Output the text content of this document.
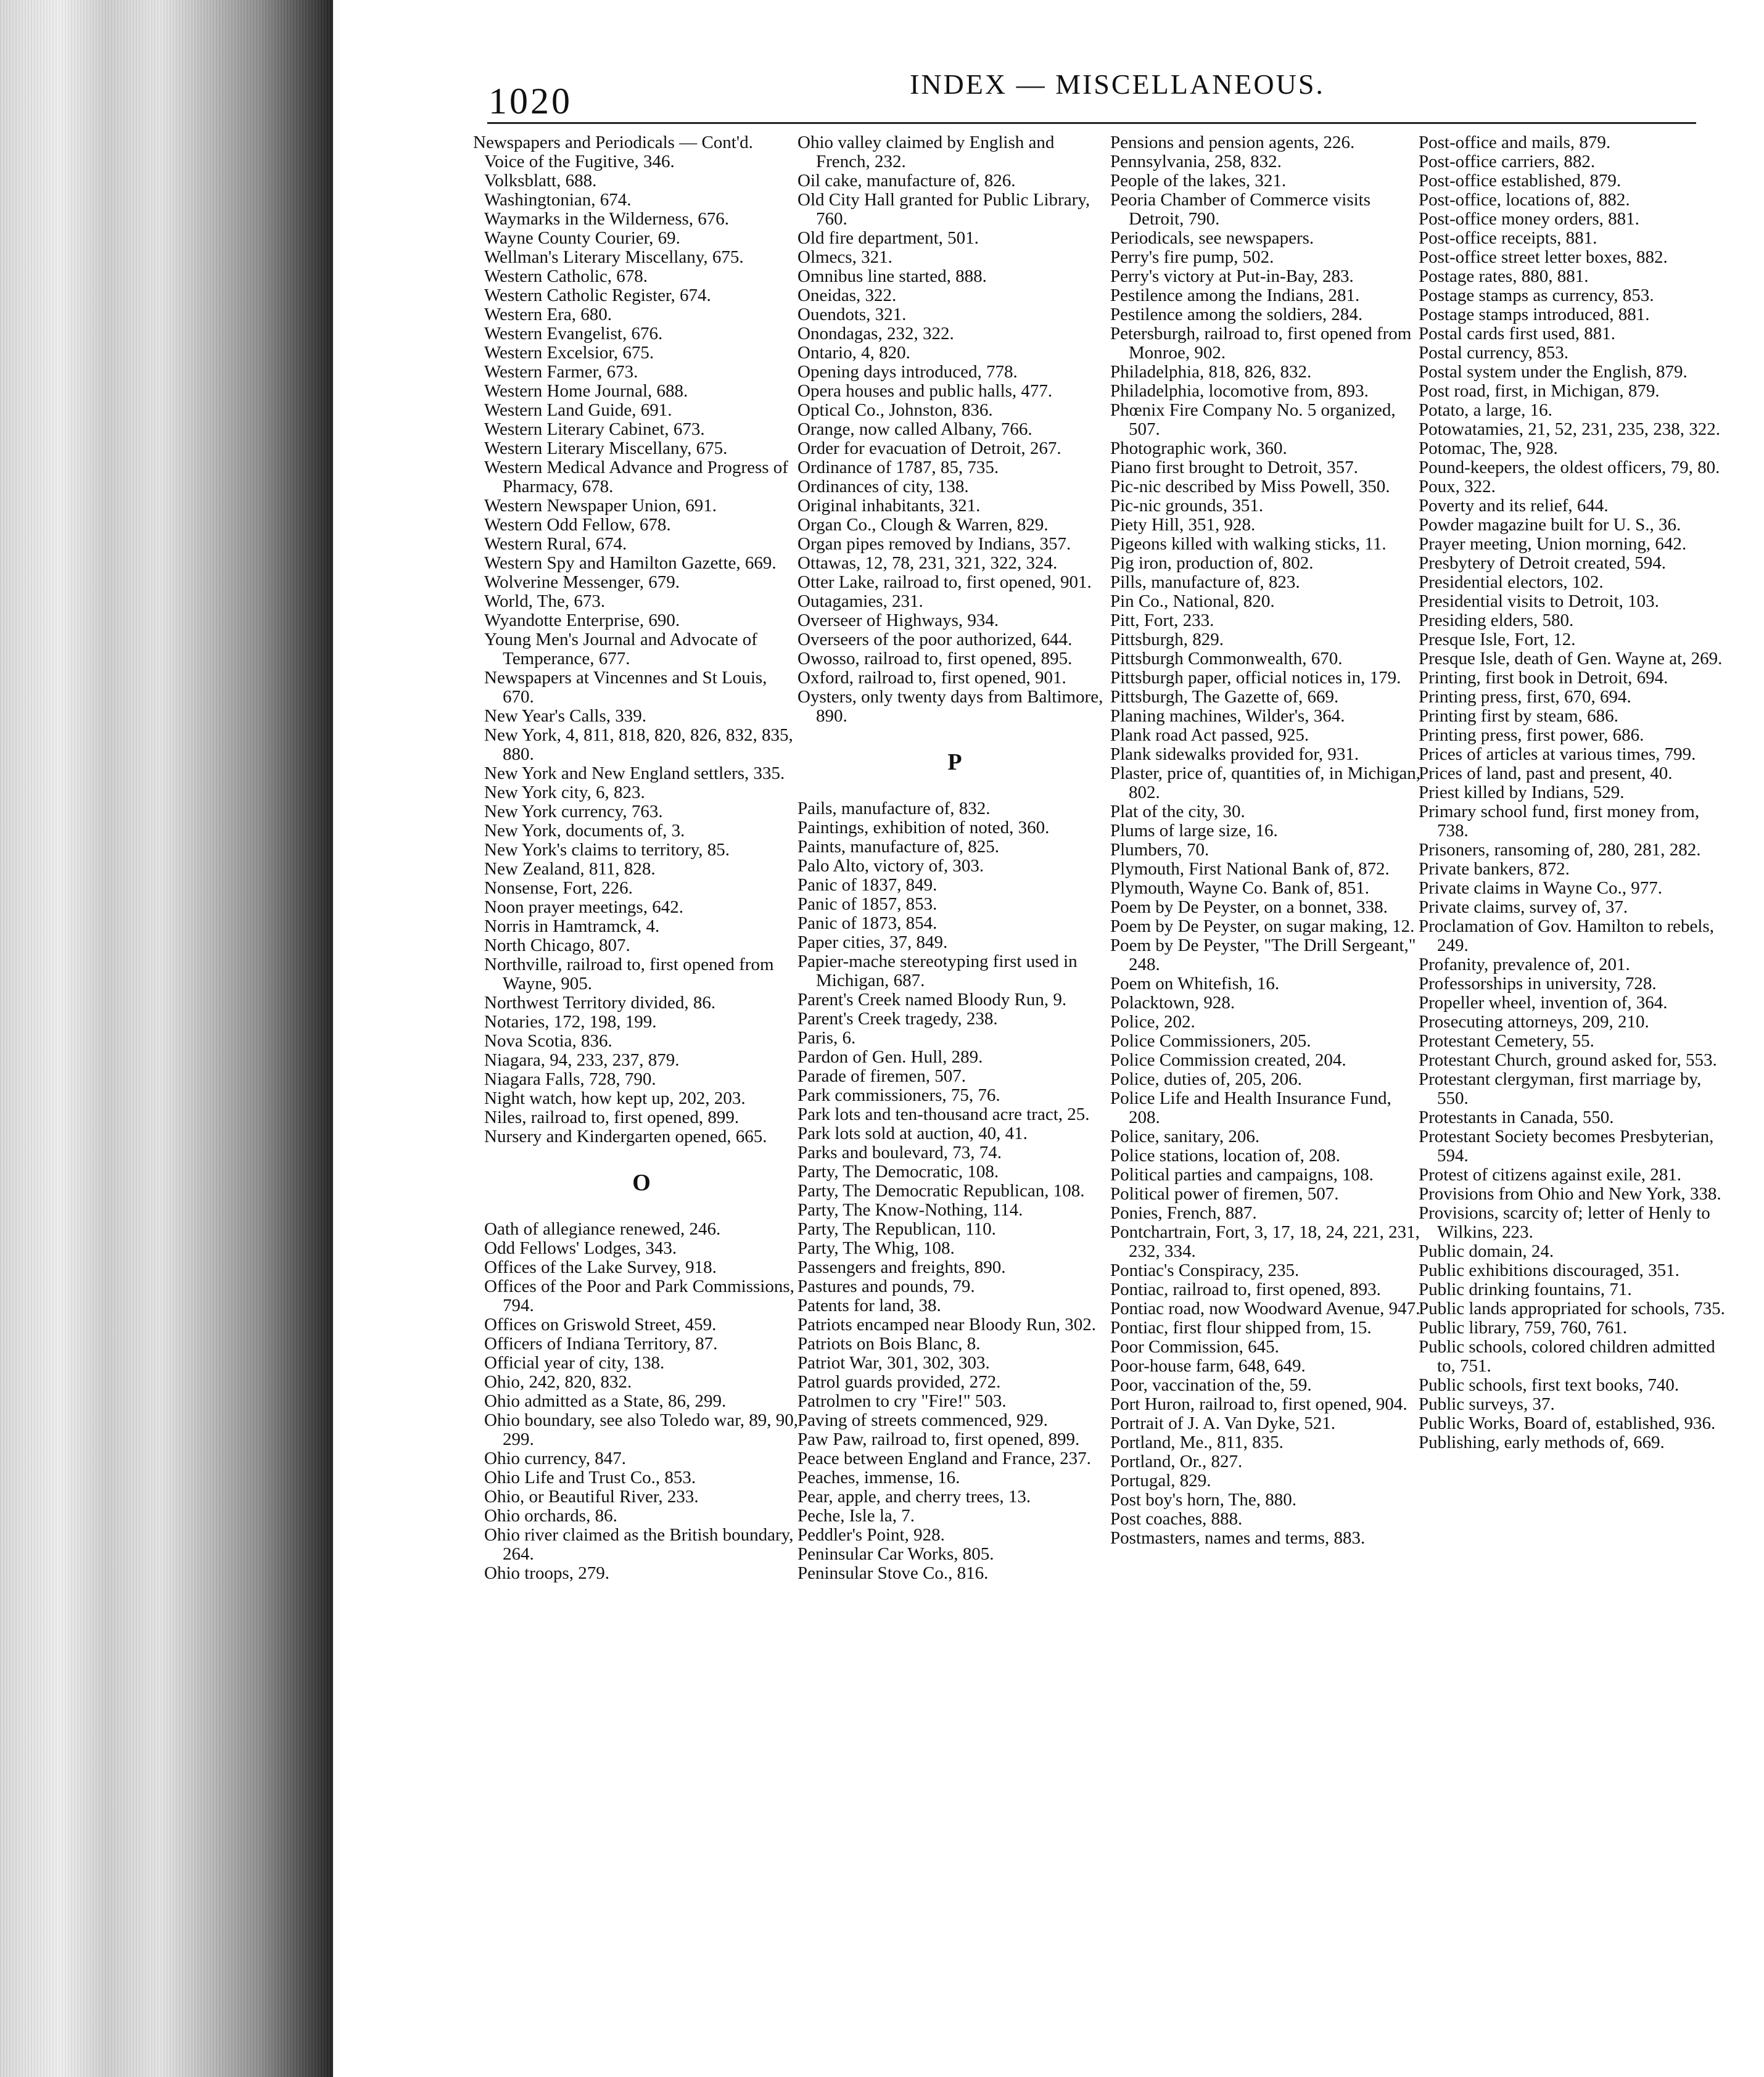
1020	INDEX — MISCELLANEOUS.

Newspapers and Periodicals — Cont'd.

Voice of the Fugitive, 346.

Volksblatt, 688.

Washingtonian, 674.

Waymarks in the Wilderness, 676.

Wayne County Courier, 69.

Wellman's Literary Miscellany, 675.

Western Catholic, 678.

Western Catholic Register, 674.

Western Era, 680.

Western Evangelist, 676.

Western Excelsior, 675.

Western Farmer, 673.

Western Home Journal, 688.

Western Land Guide, 691.

Western Literary Cabinet, 673.

Western Literary Miscellany, 675.

Western Medical Advance and Progress of Pharmacy, 678.

Western Newspaper Union, 691.

Western Odd Fellow, 678.

Western Rural, 674.

Western Spy and Hamilton Gazette, 669.

Wolverine Messenger, 679.

World, The, 673.

Wyandotte Enterprise, 690.

Young Men's Journal and Advocate of Temperance, 677.

Newspapers at Vincennes and St Louis, 670.

New Year's Calls, 339.

New York, 4, 811, 818, 820, 826, 832, 835, 880.

New York and New England settlers, 335.

New York city, 6, 823.

New York currency, 763.

New York, documents of, 3.

New York's claims to territory, 85.

New Zealand, 811, 828.

Nonsense, Fort, 226.

Noon prayer meetings, 642.

Norris in Hamtramck, 4.

North Chicago, 807.

Northville, railroad to, first opened from Wayne, 905.

Northwest Territory divided, 86.

Notaries, 172, 198, 199.

Nova Scotia, 836.

Niagara, 94, 233, 237, 879.

Niagara Falls, 728, 790.

Night watch, how kept up, 202, 203.

Niles, railroad to, first opened, 899.

Nursery and Kindergarten opened, 665.

O

Oath of allegiance renewed, 246.

Odd Fellows' Lodges, 343.

Offices of the Lake Survey, 918.

Offices of the Poor and Park Commissions, 794.

Offices on Griswold Street, 459.

Officers of Indiana Territory, 87.

Official year of city, 138.

Ohio, 242, 820, 832.

Ohio admitted as a State, 86, 299.

Ohio boundary, see also Toledo war, 89, 90, 299.

Ohio currency, 847.

Ohio Life and Trust Co., 853.

Ohio, or Beautiful River, 233.

Ohio orchards, 86.

Ohio river claimed as the British boundary, 264.

Ohio troops, 279.

Ohio valley claimed by English and French, 232.

Oil cake, manufacture of, 826.

Old City Hall granted for Public Library, 760.

Old fire department, 501.

Olmecs, 321.

Omnibus line started, 888.

Oneidas, 322.

Ouendots, 321.

Onondagas, 232, 322.

Ontario, 4, 820.

Opening days introduced, 778.

Opera houses and public halls, 477.

Optical Co., Johnston, 836.

Orange, now called Albany, 766.

Order for evacuation of Detroit, 267.

Ordinance of 1787, 85, 735.

Ordinances of city, 138.

Original inhabitants, 321.

Organ Co., Clough & Warren, 829.

Organ pipes removed by Indians, 357.

Ottawas, 12, 78, 231, 321, 322, 324.

Otter Lake, railroad to, first opened, 901.

Outagamies, 231.

Overseer of Highways, 934.

Overseers of the poor authorized, 644.

Owosso, railroad to, first opened, 895.

Oxford, railroad to, first opened, 901.

Oysters, only twenty days from Baltimore, 890.

P

Pails, manufacture of, 832.

Paintings, exhibition of noted, 360.

Paints, manufacture of, 825.

Palo Alto, victory of, 303.

Panic of 1837, 849.

Panic of 1857, 853.

Panic of 1873, 854.

Paper cities, 37, 849.

Papier-mache stereotyping first used in Michigan, 687.

Parent's Creek named Bloody Run, 9.

Parent's Creek tragedy, 238.

Paris, 6.

Pardon of Gen. Hull, 289.

Parade of firemen, 507.

Park commissioners, 75, 76.

Park lots and ten-thousand acre tract, 25.

Park lots sold at auction, 40, 41.

Parks and boulevard, 73, 74.

Party, The Democratic, 108.

Party, The Democratic Republican, 108.

Party, The Know-Nothing, 114.

Party, The Republican, 110.

Party, The Whig, 108.

Passengers and freights, 890.

Pastures and pounds, 79.

Patents for land, 38.

Patriots encamped near Bloody Run, 302.

Patriots on Bois Blanc, 8.

Patriot War, 301, 302, 303.

Patrol guards provided, 272.

Patrolmen to cry "Fire!" 503.

Paving of streets commenced, 929.

Paw Paw, railroad to, first opened, 899.

Peace between England and France, 237.

Peaches, immense, 16.

Pear, apple, and cherry trees, 13.

Peche, Isle la, 7.

Peddler's Point, 928.

Peninsular Car Works, 805.

Peninsular Stove Co., 816.

Pensions and pension agents, 226.

Pennsylvania, 258, 832.

People of the lakes, 321.

Peoria Chamber of Commerce visits Detroit, 790.

Periodicals, see newspapers.

Perry's fire pump, 502.

Perry's victory at Put-in-Bay, 283.

Pestilence among the Indians, 281.

Pestilence among the soldiers, 284.

Petersburgh, railroad to, first opened from Monroe, 902.

Philadelphia, 818, 826, 832.

Philadelphia, locomotive from, 893.

Phœnix Fire Company No. 5 organized, 507.

Photographic work, 360.

Piano first brought to Detroit, 357.

Pic-nic described by Miss Powell, 350.

Pic-nic grounds, 351.

Piety Hill, 351, 928.

Pigeons killed with walking sticks, 11.

Pig iron, production of, 802.

Pills, manufacture of, 823.

Pin Co., National, 820.

Pitt, Fort, 233.

Pittsburgh, 829.

Pittsburgh Commonwealth, 670.

Pittsburgh paper, official notices in, 179.

Pittsburgh, The Gazette of, 669.

Planing machines, Wilder's, 364.

Plank road Act passed, 925.

Plank sidewalks provided for, 931.

Plaster, price of, quantities of, in Michigan, 802.

Plat of the city, 30.

Plums of large size, 16.

Plumbers, 70.

Plymouth, First National Bank of, 872.

Plymouth, Wayne Co. Bank of, 851.

Poem by De Peyster, on a bonnet, 338.

Poem by De Peyster, on sugar making, 12.

Poem by De Peyster, "The Drill Sergeant," 248.

Poem on Whitefish, 16.

Polacktown, 928.

Police, 202.

Police Commissioners, 205.

Police Commission created, 204.

Police, duties of, 205, 206.

Police Life and Health Insurance Fund, 208.

Police, sanitary, 206.

Police stations, location of, 208.

Political parties and campaigns, 108.

Political power of firemen, 507.

Ponies, French, 887.

Pontchartrain, Fort, 3, 17, 18, 24, 221, 231, 232, 334.

Pontiac's Conspiracy, 235.

Pontiac, railroad to, first opened, 893.

Pontiac road, now Woodward Avenue, 947.

Pontiac, first flour shipped from, 15.

Poor Commission, 645.

Poor-house farm, 648, 649.

Poor, vaccination of the, 59.

Port Huron, railroad to, first opened, 904.

Portrait of J. A. Van Dyke, 521.

Portland, Me., 811, 835.

Portland, Or., 827.

Portugal, 829.

Post boy's horn, The, 880.

Post coaches, 888.

Postmasters, names and terms, 883.

Post-office and mails, 879.

Post-office carriers, 882.

Post-office established, 879.

Post-office, locations of, 882.

Post-office money orders, 881.

Post-office receipts, 881.

Post-office street letter boxes, 882.

Postage rates, 880, 881.

Postage stamps as currency, 853.

Postage stamps introduced, 881.

Postal cards first used, 881.

Postal currency, 853.

Postal system under the English, 879.

Post road, first, in Michigan, 879.

Potato, a large, 16.

Potowatamies, 21, 52, 231, 235, 238, 322.

Potomac, The, 928.

Pound-keepers, the oldest officers, 79, 80.

Poux, 322.

Poverty and its relief, 644.

Powder magazine built for U. S., 36.

Prayer meeting, Union morning, 642.

Presbytery of Detroit created, 594.

Presidential electors, 102.

Presidential visits to Detroit, 103.

Presiding elders, 580.

Presque Isle, Fort, 12.

Presque Isle, death of Gen. Wayne at, 269.

Printing, first book in Detroit, 694.

Printing press, first, 670, 694.

Printing first by steam, 686.

Printing press, first power, 686.

Prices of articles at various times, 799.

Prices of land, past and present, 40.

Priest killed by Indians, 529.

Primary school fund, first money from, 738.

Prisoners, ransoming of, 280, 281, 282.

Private bankers, 872.

Private claims in Wayne Co., 977.

Private claims, survey of, 37.

Proclamation of Gov. Hamilton to rebels, 249.

Profanity, prevalence of, 201.

Professorships in university, 728.

Propeller wheel, invention of, 364.

Prosecuting attorneys, 209, 210.

Protestant Cemetery, 55.

Protestant Church, ground asked for, 553.

Protestant clergyman, first marriage by, 550.

Protestants in Canada, 550.

Protestant Society becomes Presbyterian, 594.

Protest of citizens against exile, 281.

Provisions from Ohio and New York, 338.

Provisions, scarcity of; letter of Henly to Wilkins, 223.

Public domain, 24.

Public exhibitions discouraged, 351.

Public drinking fountains, 71.

Public lands appropriated for schools, 735.

Public library, 759, 760, 761.

Public schools, colored children admitted to, 751.

Public schools, first text books, 740.

Public surveys, 37.

Public Works, Board of, established, 936.

Publishing, early methods of, 669.
